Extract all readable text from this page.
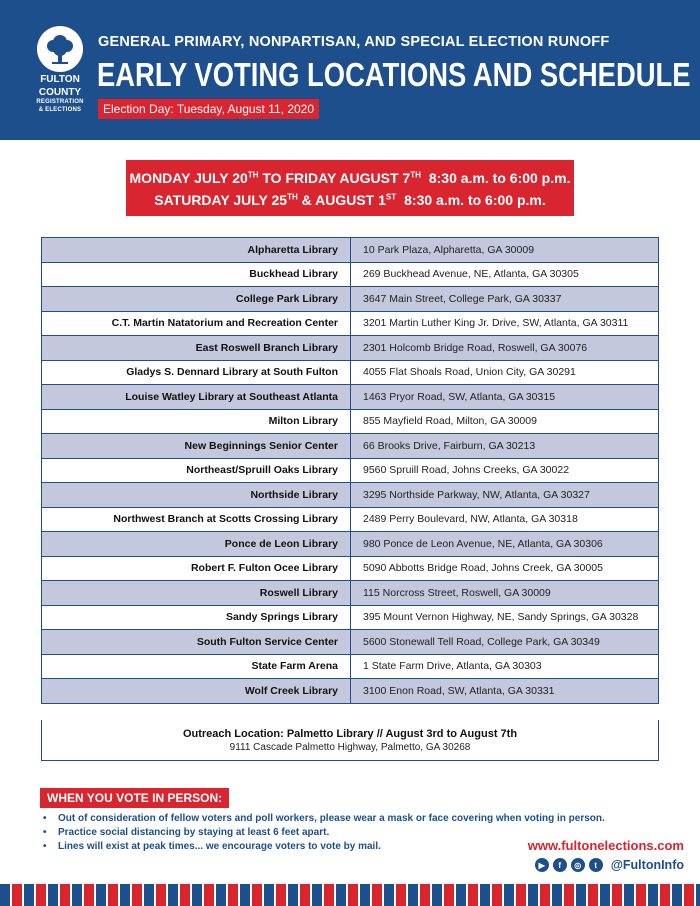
FULTON
COUNTY
REGISTRATION
& ELECTIONS
GENERAL PRIMARY, NONPARTISAN, AND SPECIAL ELECTION RUNOFF
EARLY VOTING LOCATIONS AND SCHEDULE
Election Day: Tuesday, August 11, 2020
MONDAY JULY 20TH TO FRIDAY AUGUST 7TH 8:30 a.m. to 6:00 p.m.
SATURDAY JULY 25TH & AUGUST 1ST 8:30 a.m. to 6:00 p.m.
Alpharetta Library	10 Park Plaza, Alpharetta, GA 30009
Buckhead Library	269 Buckhead Avenue, NE, Atlanta, GA 30305
College Park Library	3647 Main Street, College Park, GA 30337
C.T. Martin Natatorium and Recreation Center	3201 Martin Luther King Jr. Drive, SW, Atlanta, GA 30311
East Roswell Branch Library	2301 Holcomb Bridge Road, Roswell, GA 30076
Gladys S. Dennard Library at South Fulton	4055 Flat Shoals Road, Union City, GA 30291
Louise Watley Library at Southeast Atlanta	1463 Pryor Road, SW, Atlanta, GA 30315
Milton Library	855 Mayfield Road, Milton, GA 30009
New Beginnings Senior Center	66 Brooks Drive, Fairburn, GA 30213
Northeast/Spruill Oaks Library	9560 Spruill Road, Johns Creeks, GA 30022
Northside Library	3295 Northside Parkway, NW, Atlanta, GA 30327
Northwest Branch at Scotts Crossing Library	2489 Perry Boulevard, NW, Atlanta, GA 30318
Ponce de Leon Library	980 Ponce de Leon Avenue, NE, Atlanta, GA 30306
Robert F. Fulton Ocee Library	5090 Abbotts Bridge Road, Johns Creek, GA 30005
Roswell Library	115 Norcross Street, Roswell, GA 30009
Sandy Springs Library	395 Mount Vernon Highway, NE, Sandy Springs, GA 30328
South Fulton Service Center	5600 Stonewall Tell Road, College Park, GA 30349
State Farm Arena	1 State Farm Drive, Atlanta, GA 30303
Wolf Creek Library	3100 Enon Road, SW, Atlanta, GA 30331
Outreach Location: Palmetto Library // August 3rd to August 7th
9111 Cascade Palmetto Highway, Palmetto, GA 30268
WHEN YOU VOTE IN PERSON:
• Out of consideration of fellow voters and poll workers, please wear a mask or face covering when voting in person.
• Practice social distancing by staying at least 6 feet apart.
• Lines will exist at peak times... we encourage voters to vote by mail.	www.fultonelections.com
▶	f	◎	t	@FultonInfo
